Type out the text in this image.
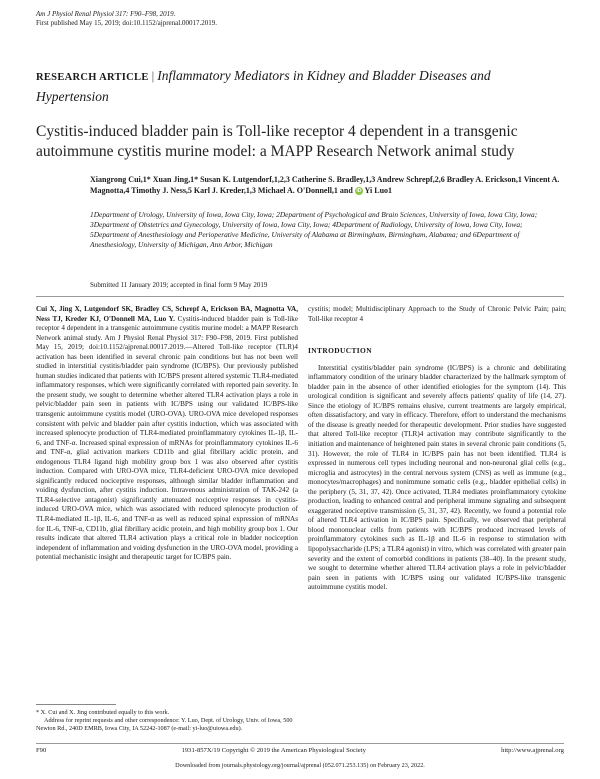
Am J Physiol Renal Physiol 317: F90–F98, 2019.
First published May 15, 2019; doi:10.1152/ajprenal.00017.2019.
RESEARCH ARTICLE | Inflammatory Mediators in Kidney and Bladder Diseases and Hypertension
Cystitis-induced bladder pain is Toll-like receptor 4 dependent in a transgenic autoimmune cystitis murine model: a MAPP Research Network animal study
Xiangrong Cui,1* Xuan Jing,1* Susan K. Lutgendorf,1,2,3 Catherine S. Bradley,1,3 Andrew Schrepf,2,6 Bradley A. Erickson,1 Vincent A. Magnotta,4 Timothy J. Ness,5 Karl J. Kreder,1,3 Michael A. O'Donnell,1 and iD Yi Luo1
1Department of Urology, University of Iowa, Iowa City, Iowa; 2Department of Psychological and Brain Sciences, University of Iowa, Iowa City, Iowa; 3Department of Obstetrics and Gynecology, University of Iowa, Iowa City, Iowa; 4Department of Radiology, University of Iowa, Iowa City, Iowa; 5Department of Anesthesiology and Perioperative Medicine, University of Alabama at Birmingham, Birmingham, Alabama; and 6Department of Anesthesiology, University of Michigan, Ann Arbor, Michigan
Submitted 11 January 2019; accepted in final form 9 May 2019
Cui X, Jing X, Lutgendorf SK, Bradley CS, Schrepf A, Erickson BA, Magnotta VA, Ness TJ, Kreder KJ, O'Donnell MA, Luo Y. Cystitis-induced bladder pain is Toll-like receptor 4 dependent in a transgenic autoimmune cystitis murine model: a MAPP Research Network animal study. Am J Physiol Renal Physiol 317: F90–F98, 2019. First published May 15, 2019; doi:10.1152/ajprenal.00017.2019.—Altered Toll-like receptor (TLR)4 activation has been identified in several chronic pain conditions but has not been well studied in interstitial cystitis/bladder pain syndrome (IC/BPS). Our previously published human studies indicated that patients with IC/BPS present altered systemic TLR4-mediated inflammatory responses, which were significantly correlated with reported pain severity. In the present study, we sought to determine whether altered TLR4 activation plays a role in pelvic/bladder pain seen in patients with IC/BPS using our validated IC/BPS-like transgenic autoimmune cystitis model (URO-OVA). URO-OVA mice developed responses consistent with pelvic and bladder pain after cystitis induction, which was associated with increased splenocyte production of TLR4-mediated proinflammatory cytokines IL-1β, IL-6, and TNF-α. Increased spinal expression of mRNAs for proinflammatory cytokines IL-6 and TNF-α, glial activation markers CD11b and glial fibrillary acidic protein, and endogenous TLR4 ligand high mobility group box 1 was also observed after cystitis induction. Compared with URO-OVA mice, TLR4-deficient URO-OVA mice developed significantly reduced nociceptive responses, although similar bladder inflammation and voiding dysfunction, after cystitis induction. Intravenous administration of TAK-242 (a TLR4-selective antagonist) significantly attenuated nociceptive responses in cystitis-induced URO-OVA mice, which was associated with reduced splenocyte production of TLR4-mediated IL-1β, IL-6, and TNF-α as well as reduced spinal expression of mRNAs for IL-6, TNF-α, CD11b, glial fibrillary acidic protein, and high mobility group box 1. Our results indicate that altered TLR4 activation plays a critical role in bladder nociception independent of inflammation and voiding dysfunction in the URO-OVA model, providing a potential mechanistic insight and therapeutic target for IC/BPS pain.

cystitis; model; Multidisciplinary Approach to the Study of Chronic Pelvic Pain; pain; Toll-like receptor 4

INTRODUCTION

Interstitial cystitis/bladder pain syndrome (IC/BPS) is a chronic and debilitating inflammatory condition of the urinary bladder characterized by the hallmark symptom of bladder pain in the absence of other identified etiologies for the symptom (14). This urological condition is significant and severely affects patients' quality of life (14, 27). Since the etiology of IC/BPS remains elusive, current treatments are largely empirical, often dissatisfactory, and vary in efficacy. Therefore, effort to understand the mechanisms of the disease is greatly needed for therapeutic development. Prior studies have suggested that altered Toll-like receptor (TLR)4 activation may contribute significantly to the initiation and maintenance of heightened pain states in several chronic pain conditions (5, 31). However, the role of TLR4 in IC/BPS pain has not been identified. TLR4 is expressed in numerous cell types including neuronal and non-neuronal glial cells (e.g., microglia and astrocytes) in the central nervous system (CNS) as well as immune (e.g., monocytes/macrophages) and nonimmune somatic cells (e.g., bladder epithelial cells) in the periphery (5, 31, 37, 42). Once activated, TLR4 mediates proinflammatory cytokine production, leading to enhanced central and peripheral immune signaling and subsequent exaggerated nociceptive transmission (5, 31, 37, 42). Recently, we found a potential role of altered TLR4 activation in IC/BPS pain. Specifically, we observed that peripheral blood mononuclear cells from patients with IC/BPS produced increased levels of proinflammatory cytokines such as IL-1β and IL-6 in response to stimulation with lipopolysaccharide (LPS; a TLR4 agonist) in vitro, which was correlated with greater pain severity and the extent of comorbid conditions in patients (38–40). In the present study, we sought to determine whether altered TLR4 activation plays a role in pelvic/bladder pain seen in patients with IC/BPS using our validated IC/BPS-like transgenic autoimmune cystitis model.

* X. Cui and X. Jing contributed equally to this work.
Address for reprint requests and other correspondence: Y. Luo, Dept. of Urology, Univ. of Iowa, 500 Newton Rd., 240D EMRB, Iowa City, IA 52242-1087 (e-mail: yi-luo@uiowa.edu).
F90	1931-857X/19 Copyright © 2019 the American Physiological Society	http://www.ajprenal.org
Downloaded from journals.physiology.org/journal/ajprenal (052.071.253.135) on February 23, 2022.
